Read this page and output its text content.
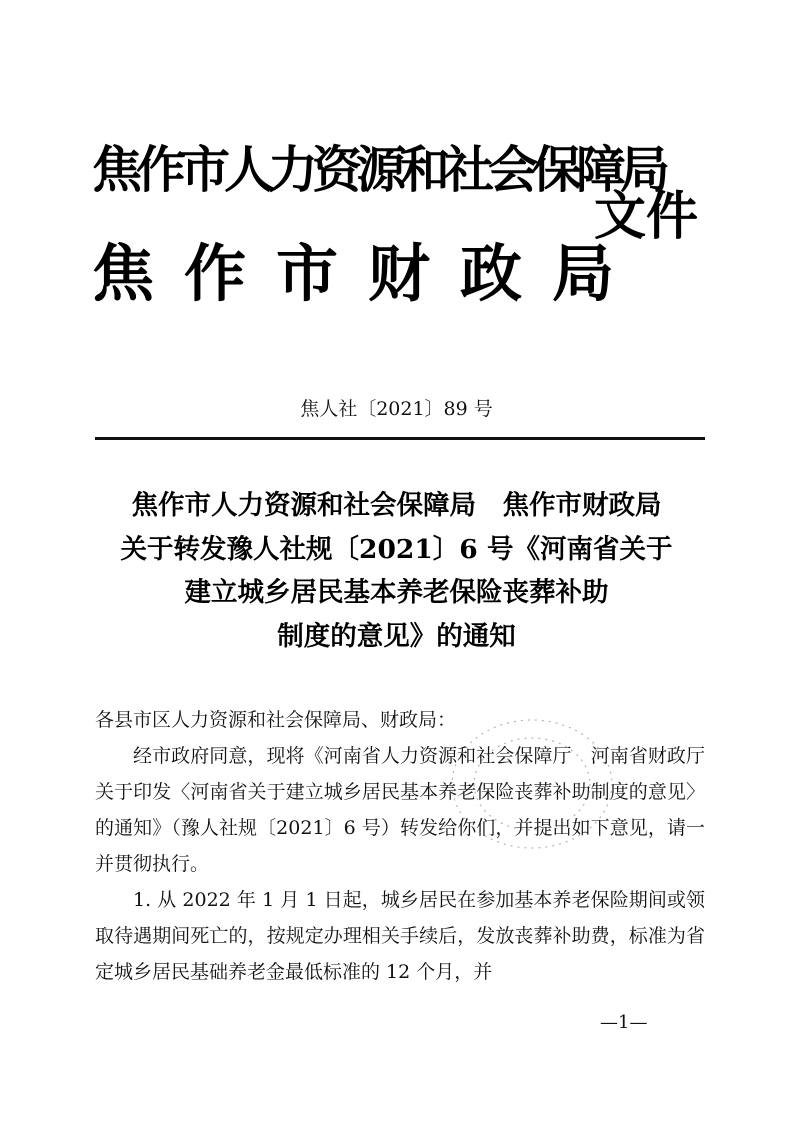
焦作市人力资源和社会保障局
焦作市财政局
文件
焦人社〔2021〕89 号
焦作市人力资源和社会保障局　焦作市财政局
关于转发豫人社规〔2021〕6 号《河南省关于
建立城乡居民基本养老保险丧葬补助
制度的意见》的通知

各县市区人力资源和社会保障局、财政局：

经市政府同意，现将《河南省人力资源和社会保障厅　河南省财政厅关于印发〈河南省关于建立城乡居民基本养老保险丧葬补助制度的意见〉的通知》（豫人社规〔2021〕6 号）转发给你们，并提出如下意见，请一并贯彻执行。

1. 从 2022 年 1 月 1 日起，城乡居民在参加基本养老保险期间或领取待遇期间死亡的，按规定办理相关手续后，发放丧葬补助费，标准为省定城乡居民基础养老金最低标准的 12 个月，并

—1—
